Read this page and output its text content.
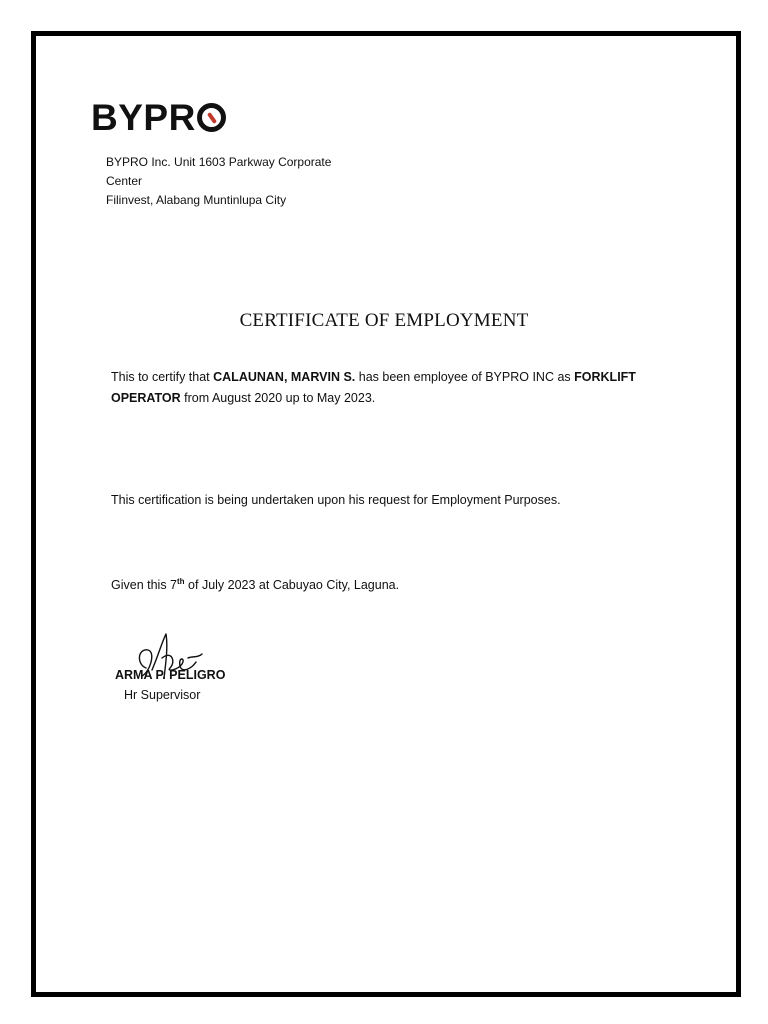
BYPR
BYPRO Inc. Unit 1603 Parkway Corporate
Center
Filinvest, Alabang Muntinlupa City
CERTIFICATE OF EMPLOYMENT
This to certify that CALAUNAN, MARVIN S. has been employee of BYPRO INC as FORKLIFT
OPERATOR from August 2020 up to May 2023.
This certification is being undertaken upon his request for Employment Purposes.
Given this 7th of July 2023 at Cabuyao City, Laguna.
ARMA P. PELIGRO
Hr Supervisor
